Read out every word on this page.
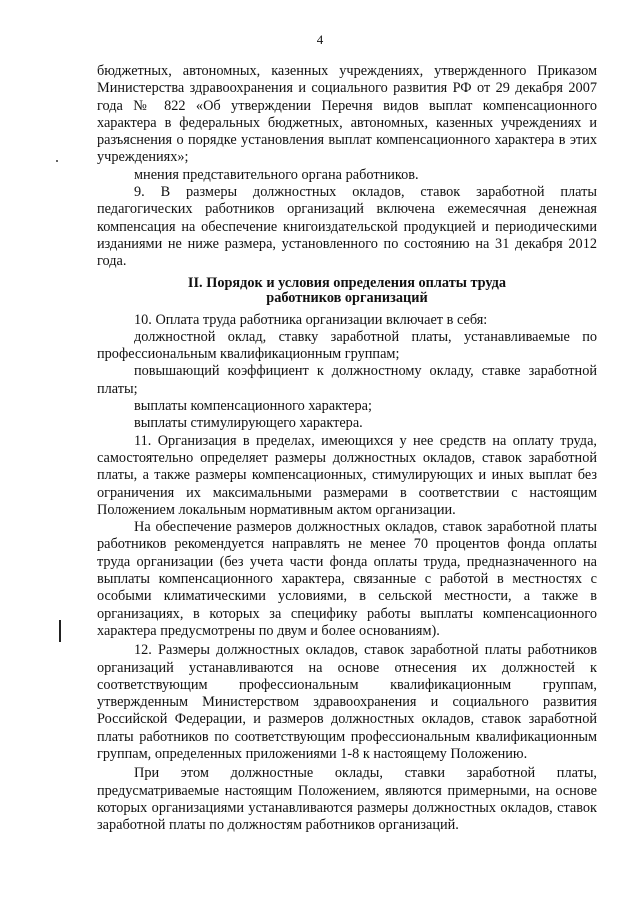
4

бюджетных, автономных, казенных учреждениях, утвержденного Приказом Министерства здравоохранения и социального развития РФ от 29 декабря 2007 года № 822 «Об утверждении Перечня видов выплат компенсационного характера в федеральных бюджетных, автономных, казенных учреждениях и разъяснения о порядке установления выплат компенсационного характера в этих учреждениях»;

мнения представительного органа работников.

9. В размеры должностных окладов, ставок заработной платы педагогических работников организаций включена ежемесячная денежная компенсация на обеспечение книгоиздательской продукцией и периодическими изданиями не ниже размера, установленного по состоянию на 31 декабря 2012 года.

II. Порядок и условия определения оплаты труда
работников организаций

10. Оплата труда работника организации включает в себя:

должностной оклад, ставку заработной платы, устанавливаемые по профессиональным квалификационным группам;

повышающий коэффициент к должностному окладу, ставке заработной платы;

выплаты компенсационного характера;

выплаты стимулирующего характера.

11. Организация в пределах, имеющихся у нее средств на оплату труда, самостоятельно определяет размеры должностных окладов, ставок заработной платы, а также размеры компенсационных, стимулирующих и иных выплат без ограничения их максимальными размерами в соответствии с настоящим Положением локальным нормативным актом организации.

На обеспечение размеров должностных окладов, ставок заработной платы работников рекомендуется направлять не менее 70 процентов фонда оплаты труда организации (без учета части фонда оплаты труда, предназначенного на выплаты компенсационного характера, связанные с работой в местностях с особыми климатическими условиями, в сельской местности, а также в организациях, в которых за специфику работы выплаты компенсационного характера предусмотрены по двум и более основаниям).

12. Размеры должностных окладов, ставок заработной платы работников организаций устанавливаются на основе отнесения их должностей к соответствующим профессиональным квалификационным группам, утвержденным Министерством здравоохранения и социального развития Российской Федерации, и размеров должностных окладов, ставок заработной платы работников по соответствующим профессиональным квалификационным группам, определенных приложениями 1-8 к настоящему Положению.

При этом должностные оклады, ставки заработной платы, предусматриваемые настоящим Положением, являются примерными, на основе которых организациями устанавливаются размеры должностных окладов, ставок заработной платы по должностям работников организаций.
